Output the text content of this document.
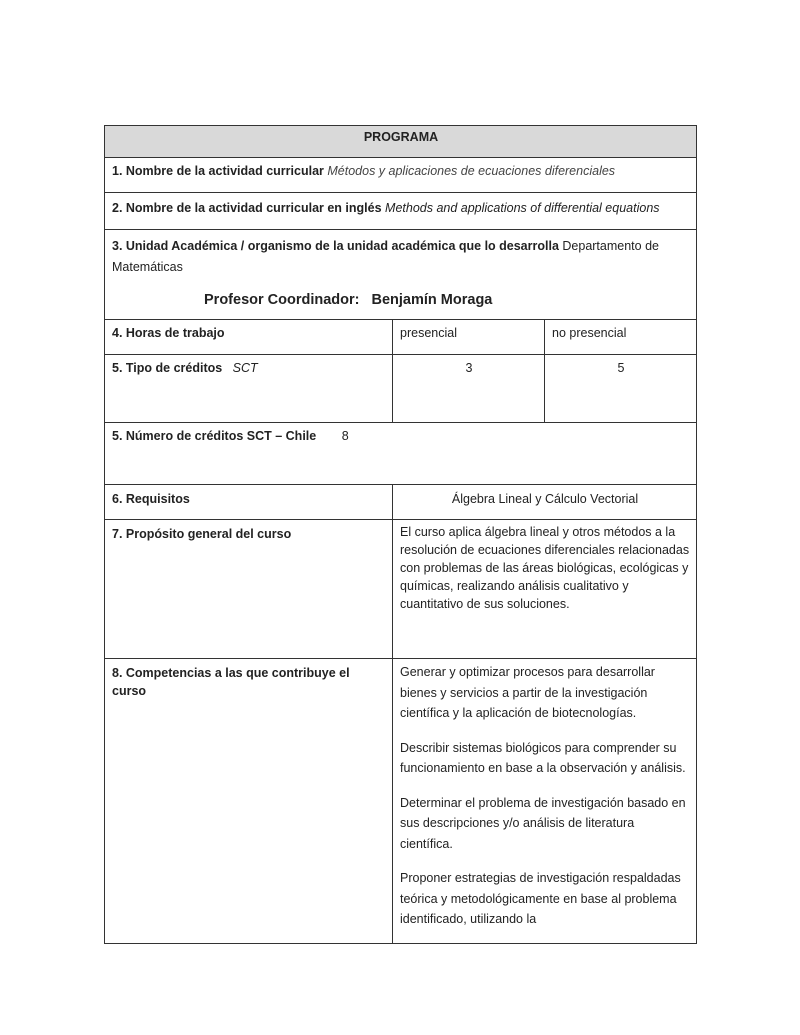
PROGRAMA		
1. Nombre de la actividad curricular Métodos y aplicaciones de ecuaciones diferenciales		
2. Nombre de la actividad curricular en inglés Methods and applications of differential equations		

3. Unidad Académica / organismo de la unidad académica que lo desarrolla Departamento de Matemáticas
Profesor Coordinador: Benjamín Moraga		

4. Horas de trabajo	presencial	no presencial
5. Tipo de créditos SCT	3	5
5. Número de créditos SCT – Chile 8		
6. Requisitos	Álgebra Lineal y Cálculo Vectorial	
7. Propósito general del curso	El curso aplica álgebra lineal y otros métodos a la resolución de ecuaciones diferenciales relacionadas con problemas de las áreas biológicas, ecológicas y químicas, realizando análisis cualitativo y cuantitativo de sus soluciones.	
8. Competencias a las que contribuye el curso	Generar y optimizar procesos para desarrollar bienes y servicios a partir de la investigación científica y la aplicación de biotecnologías.

Describir sistemas biológicos para comprender su funcionamiento en base a la observación y análisis.

Determinar el problema de investigación basado en sus descripciones y/o análisis de literatura científica.

Proponer estrategias de investigación respaldadas teórica y metodológicamente en base al problema identificado, utilizando la	
